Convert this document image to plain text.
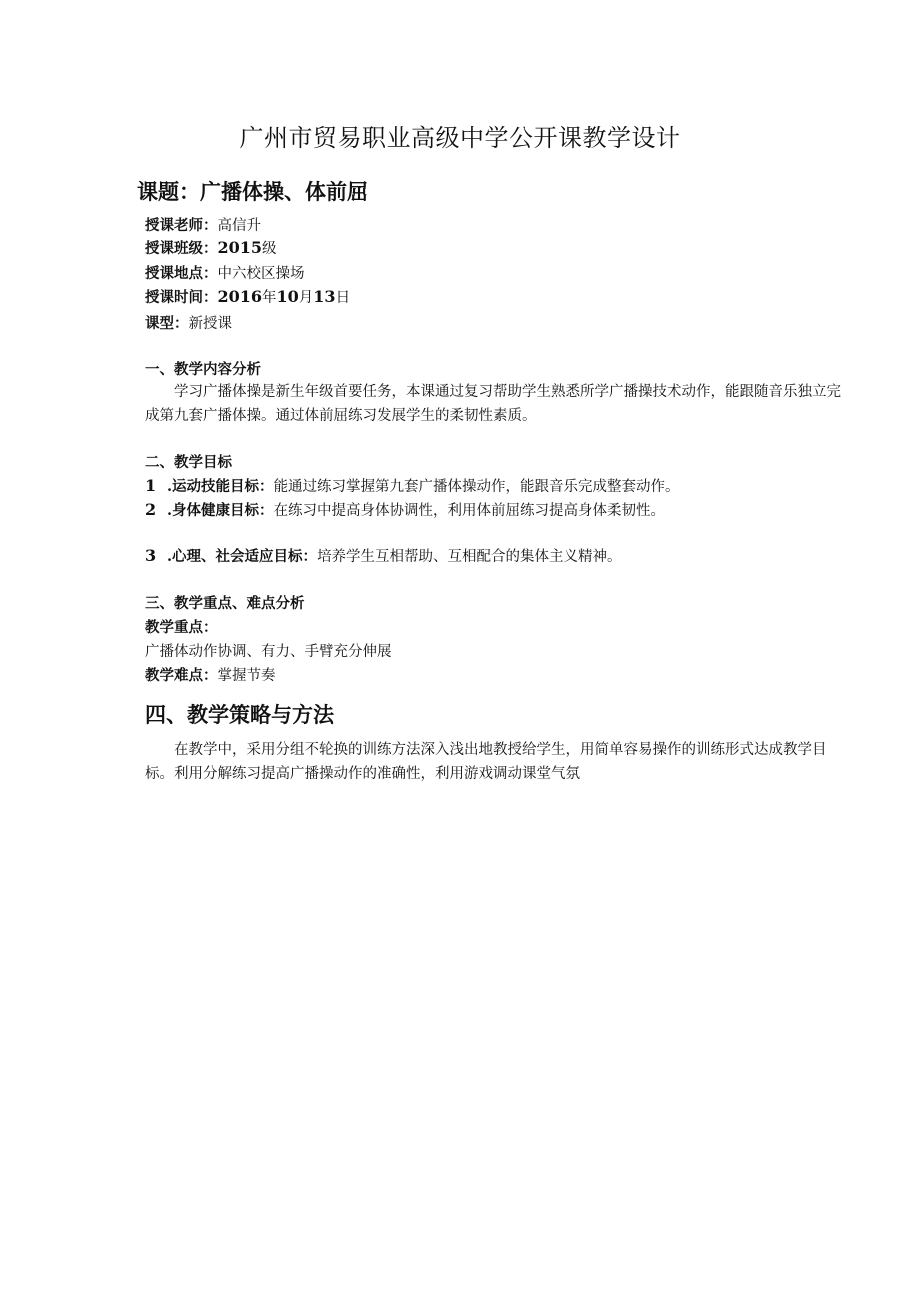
广州市贸易职业高级中学公开课教学设计
课题：广播体操、体前屈
授课老师：高信升
授课班级：2015级
授课地点：中六校区操场
授课时间：2016年10月13日
课型：新授课
一、教学内容分析
学习广播体操是新生年级首要任务，本课通过复习帮助学生熟悉所学广播操技术动作，能跟随音乐独立完成第九套广播体操。通过体前屈练习发展学生的柔韧性素质。
二、教学目标
1 .运动技能目标：能通过练习掌握第九套广播体操动作，能跟音乐完成整套动作。
2 .身体健康目标：在练习中提高身体协调性，利用体前屈练习提高身体柔韧性。
3 .心理、社会适应目标：培养学生互相帮助、互相配合的集体主义精神。
三、教学重点、难点分析
教学重点：
广播体动作协调、有力、手臂充分伸展
教学难点：掌握节奏
四、教学策略与方法
在教学中，采用分组不轮换的训练方法深入浅出地教授给学生，用简单容易操作的训练形式达成教学目标。利用分解练习提高广播操动作的准确性，利用游戏调动课堂气氛
